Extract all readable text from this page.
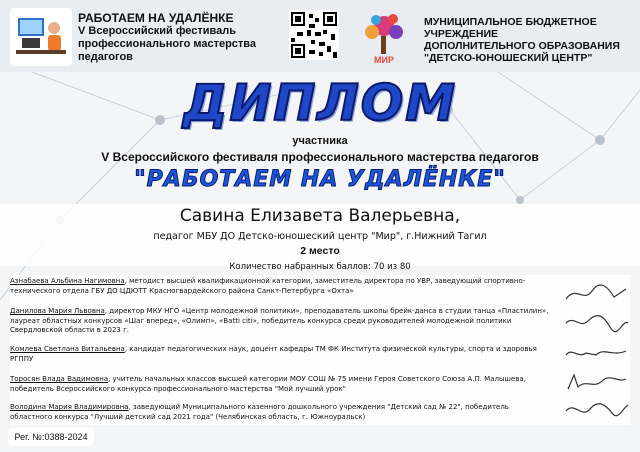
РАБОТАЕМ НА УДАЛЁНКЕ
V Всероссийский фестиваль
профессионального мастерства педагогов	МИР
МУНИЦИПАЛЬНОЕ БЮДЖЕТНОЕ УЧРЕЖДЕНИЕ
ДОПОЛНИТЕЛЬНОГО ОБРАЗОВАНИЯ
"ДЕТСКО-ЮНОШЕСКИЙ ЦЕНТР"
ДИПЛОМ
участника
V Всероссийского фестиваля профессионального мастерства педагогов
"РАБОТАЕМ НА УДАЛЁНКЕ"
Савина Елизавета Валерьевна,
педагог МБУ ДО Детско-юношеский центр "Мир", г.Нижний Тагил
2 место
Количество набранных баллов: 70 из 80
Азнабаева Альбина Нагимовна, методист высшей квалификационной категории, заместитель директора по УВР, заведующий спортивно-технического отдела ГБУ ДО ЦДЮТТ Красногвардейского района Санкт-Петербурга «Охта»
Данилова Мария Львовна, директор МКУ НГО «Центр молодежной политики», преподаватель школы брейк-данса в студии танца «Пластилин», лауреат областных конкурсов «Шаг вперед», «Олимп», «Batti citi», победитель конкурса среди руководителей молодежной политики Свердловской области в 2023 г.
Комлева Светлана Витальевна, кандидат педагогических наук, доцент кафедры ТМ ФК Института физической культуры, спорта и здоровья РГППУ
Торосян Влада Вадимовна, учитель начальных классов высшей категории МОУ СОШ № 75 имени Героя Советского Союза А.П. Малышева, победитель Всероссийского конкурса профессионального мастерства "Мой лучший урок"
Володина Мария Владимировна, заведующий Муниципального казенного дошкольного учреждения "Детский сад № 22", победитель областного конкурса "Лучший детский сад 2021 года" (Челябинская область, г. Южноуральск)
Рег. №:0388-2024
